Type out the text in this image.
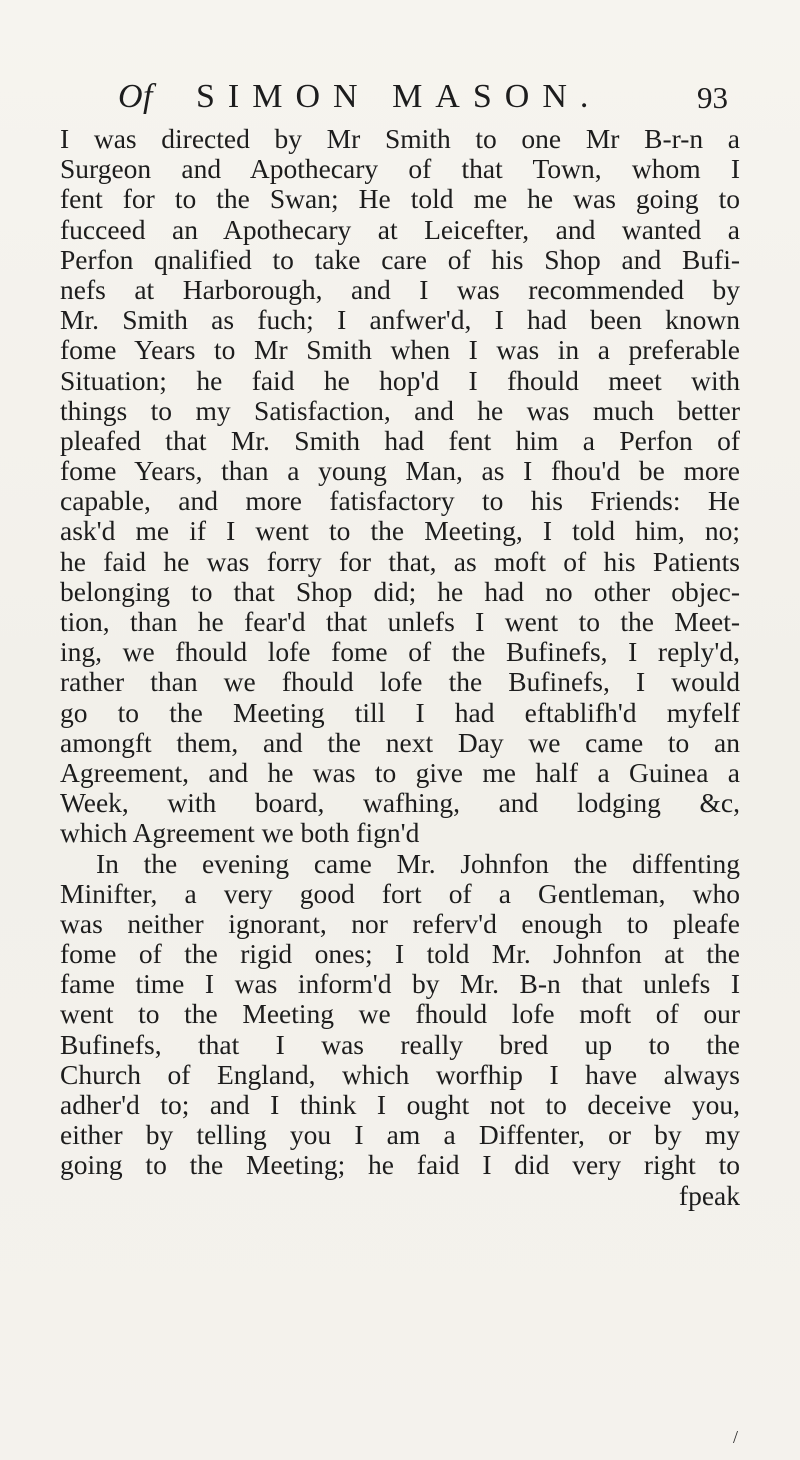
Of SIMON MASON.	93
I was directed by Mr Smith to one Mr B-r-n a
Surgeon and Apothecary of that Town, whom I
fent for to the Swan; He told me he was going to
fucceed an Apothecary at Leicefter, and wanted a
Perfon qnalified to take care of his Shop and Bufi-
nefs at Harborough, and I was recommended by
Mr. Smith as fuch; I anfwer'd, I had been known
fome Years to Mr Smith when I was in a preferable
Situation; he faid he hop'd I fhould meet with
things to my Satisfaction, and he was much better
pleafed that Mr. Smith had fent him a Perfon of
fome Years, than a young Man, as I fhou'd be more
capable, and more fatisfactory to his Friends: He
ask'd me if I went to the Meeting, I told him, no;
he faid he was forry for that, as moft of his Patients
belonging to that Shop did; he had no other objec-
tion, than he fear'd that unlefs I went to the Meet-
ing, we fhould lofe fome of the Bufinefs, I reply'd,
rather than we fhould lofe the Bufinefs, I would
go to the Meeting till I had eftablifh'd myfelf
amongft them, and the next Day we came to an
Agreement, and he was to give me half a Guinea a
Week, with board, wafhing, and lodging &c,
which Agreement we both fign'd
In the evening came Mr. Johnfon the diffenting
Minifter, a very good fort of a Gentleman, who
was neither ignorant, nor referv'd enough to pleafe
fome of the rigid ones; I told Mr. Johnfon at the
fame time I was inform'd by Mr. B-n that unlefs I
went to the Meeting we fhould lofe moft of our
Bufinefs, that I was really bred up to the
Church of England, which worfhip I have always
adher'd to; and I think I ought not to deceive you,
either by telling you I am a Diffenter, or by my
going to the Meeting; he faid I did very right to
fpeak
/
